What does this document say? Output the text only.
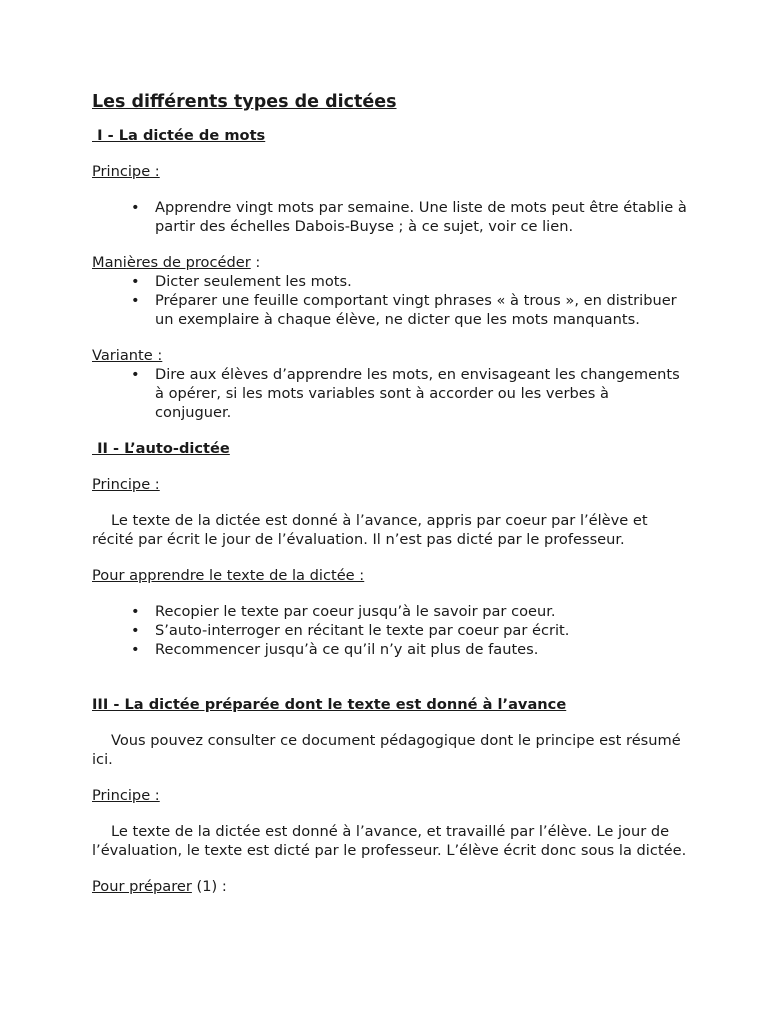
Les différents types de dictées
I - La dictée de mots
Principe :
• Apprendre vingt mots par semaine. Une liste de mots peut être établie à partir des échelles Dabois-Buyse ; à ce sujet, voir ce lien.
Manières de procéder :
• Dicter seulement les mots.
• Préparer une feuille comportant vingt phrases « à trous », en distribuer un exemplaire à chaque élève, ne dicter que les mots manquants.
Variante :
• Dire aux élèves d’apprendre les mots, en envisageant les changements à opérer, si les mots variables sont à accorder ou les verbes à conjuguer.
II - L’auto-dictée
Principe :

Le texte de la dictée est donné à l’avance, appris par coeur par l’élève et récité par écrit le jour de l’évaluation. Il n’est pas dicté par le professeur.

Pour apprendre le texte de la dictée :
• Recopier le texte par coeur jusqu’à le savoir par coeur.
• S’auto-interroger en récitant le texte par coeur par écrit.
• Recommencer jusqu’à ce qu’il n’y ait plus de fautes.
III - La dictée préparée dont le texte est donné à l’avance

Vous pouvez consulter ce document pédagogique dont le principe est résumé ici.

Principe :

Le texte de la dictée est donné à l’avance, et travaillé par l’élève. Le jour de l’évaluation, le texte est dicté par le professeur. L’élève écrit donc sous la dictée.

Pour préparer (1) :
